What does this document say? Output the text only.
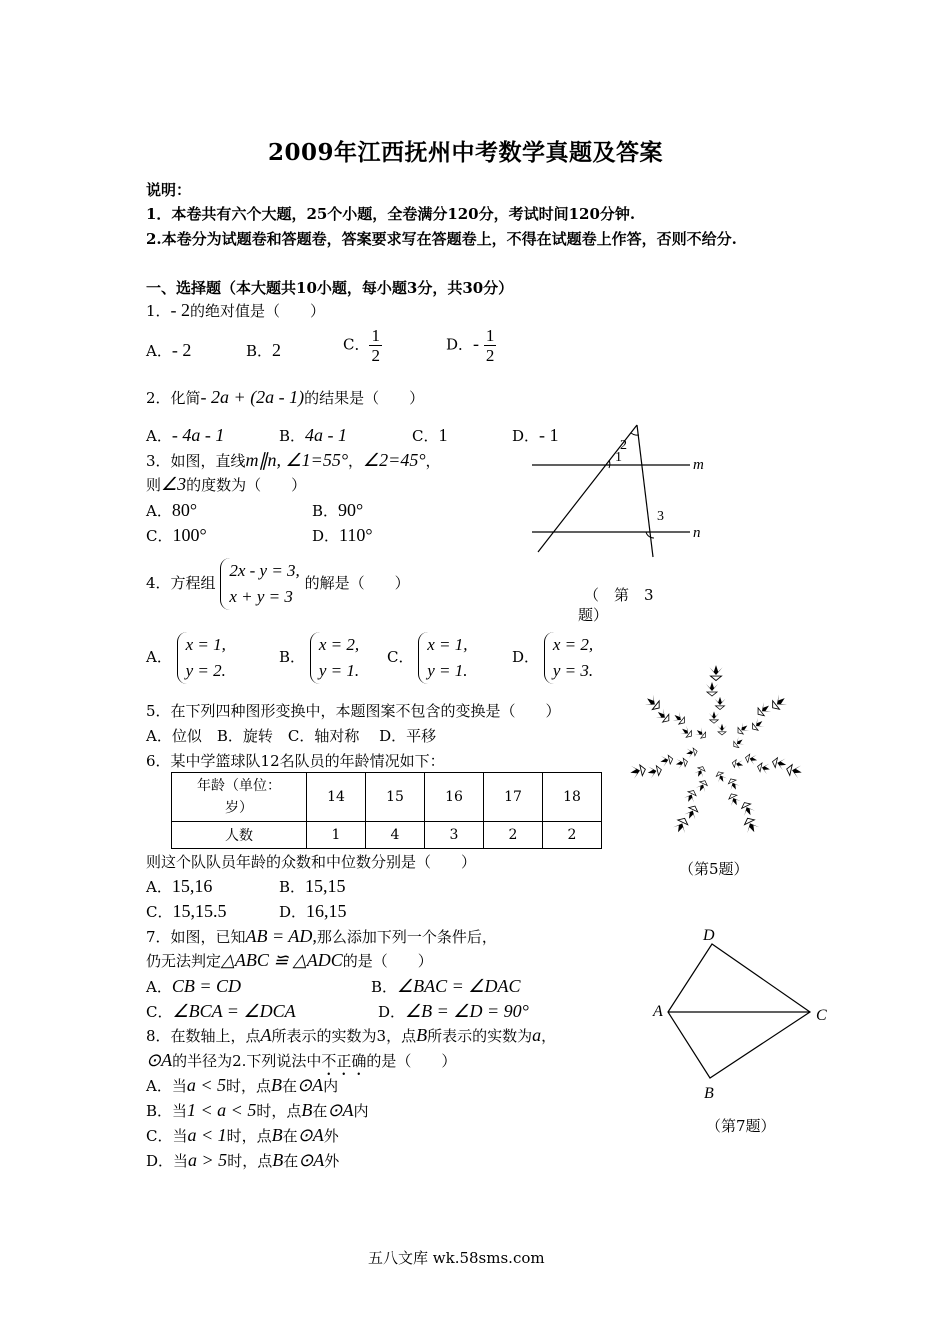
2009年江西抚州中考数学真题及答案
说明：
1．本卷共有六个大题，25个小题，全卷满分120分，考试时间120分钟.
2.本卷分为试题卷和答题卷，答案要求写在答题卷上，不得在试题卷上作答，否则不给分.
一、选择题（本大题共10小题，每小题3分，共30分）
1．- 2的绝对值是（　　）
A．- 2	B．2	C． $\frac{1}{2}$	D．- $\frac{1}{2}$
2．化简- 2a + (2a - 1)的结果是（　　）
A．- 4a - 1	B．4a - 1	C．1	D．- 1
3．如图，直线m∥n, ∠1=55°，∠2=45°，
则∠3的度数为（　　）
A．80°	B．90°
C．100°	D．110°
1
2
3
m
n
（　第　3
题）
4．方程组
2x - y = 3,
x + y = 3
的解是（　　）
A．
x = 1,
y = 2.
B．
x = 2,
y = 1.
C．
x = 1,
y = 1.
D．
x = 2,
y = 3.
5．在下列四种图形变换中，本题图案不包含的变换是（　　）
A．位似　B．旋转　C．轴对称　 D．平移
（第5题）
6．某中学篮球队12名队员的年龄情况如下：
年龄（单位：
岁）	14	15	16	17	18
人数	1	4	3	2	2
则这个队队员年龄的众数和中位数分别是（　　）
A．15,16	B．15,15
C．15,15.5	D．16,15
7．如图，已知AB = AD,那么添加下列一个条件后，
仍无法判定△ABC ≌ △ADC的是（　　）
A．CB = CD	B．∠BAC = ∠DAC
C．∠BCA = ∠DCA	D．∠B = ∠D = 90°
D
A	C
B
（第7题）
8．在数轴上，点A所表示的实数为3，点B所表示的实数为a，
⊙A的半径为2.下列说法中不正确的是（　　）
A．当a < 5时，点B在⊙A内
B．当1 < a < 5时，点B在⊙A内
C．当a < 1时，点B在⊙A外
D．当a > 5时，点B在⊙A外
五八文库 wk.58sms.com
